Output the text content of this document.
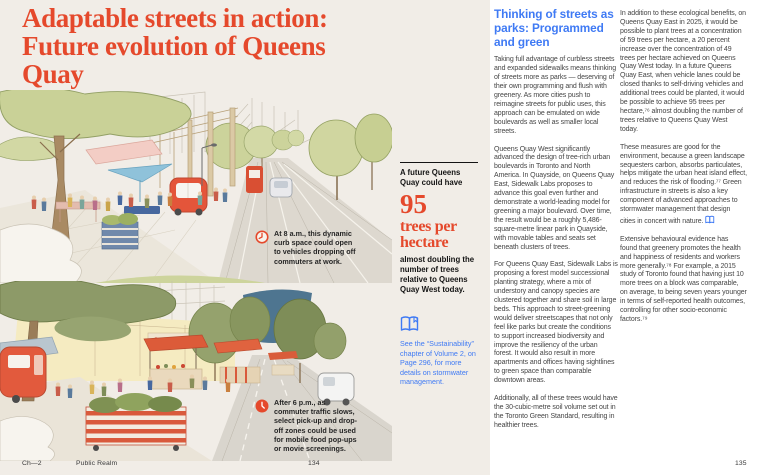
Adaptable streets in action: Future evolution of Queens Quay

At 8 a.m., this dynamic curb space could open to vehicles dropping off commuters at work.

After 6 p.m., as commuter traffic slows, select pick-up and drop-off zones could be used for mobile food pop-ups or movie screenings.

A future Queens Quay could have
95
trees per hectare
almost doubling the number of trees relative to Queens Quay West today.
See the “Sustainability” chapter of Volume 2, on Page 296, for more details on stormwater management.
Thinking of streets as parks: Programmed and green

Taking full advantage of curbless streets and expanded sidewalks means thinking of streets more as parks — deserving of their own programming and flush with greenery. As more cities push to reimagine streets for public uses, this approach can be emulated on wide boulevards as well as smaller local streets.

Queens Quay West significantly advanced the design of tree-rich urban boulevards in Toronto and North America. In Quayside, on Queens Quay East, Sidewalk Labs proposes to advance this goal even further and demonstrate a world-leading model for greening a major boulevard. Over time, the result would be a roughly 5,486-square-metre linear park in Quayside, with movable tables and seats set beneath clusters of trees.

For Queens Quay East, Sidewalk Labs is proposing a forest model successional planting strategy, where a mix of understory and canopy species are clustered together and share soil in large beds. This approach to street-greening would deliver streetscapes that not only feel like parks but create the conditions to support increased biodiversity and improve the resiliency of the urban forest. It would also result in more apartments and offices having sightlines to green space than comparable downtown areas.

Additionally, all of these trees would have the 30-cubic-metre soil volume set out in the Toronto Green Standard, resulting in healthier trees.

In addition to these ecological benefits, on Queens Quay East in 2025, it would be possible to plant trees at a concentration of 59 trees per hectare, a 20 percent increase over the concentration of 49 trees per hectare achieved on Queens Quay West today. In a future Queens Quay East, when vehicle lanes could be closed thanks to self-driving vehicles and additional trees could be planted, it would be possible to achieve 95 trees per hectare,⁷⁶ almost doubling the number of trees relative to Queens Quay West today.

These measures are good for the environment, because a green landscape sequesters carbon, absorbs particulates, helps mitigate the urban heat island effect, and reduces the risk of flooding.⁷⁷ Green infrastructure in streets is also a key component of advanced approaches to stormwater management that design cities in concert with nature.

Extensive behavioural evidence has found that greenery promotes the health and happiness of residents and workers more generally.⁷⁸ For example, a 2015 study of Toronto found that having just 10 more trees on a block was comparable, on average, to being seven years younger in terms of self-reported health outcomes, controlling for other socio-economic factors.⁷⁹

Ch—2	Public Realm	134	135
